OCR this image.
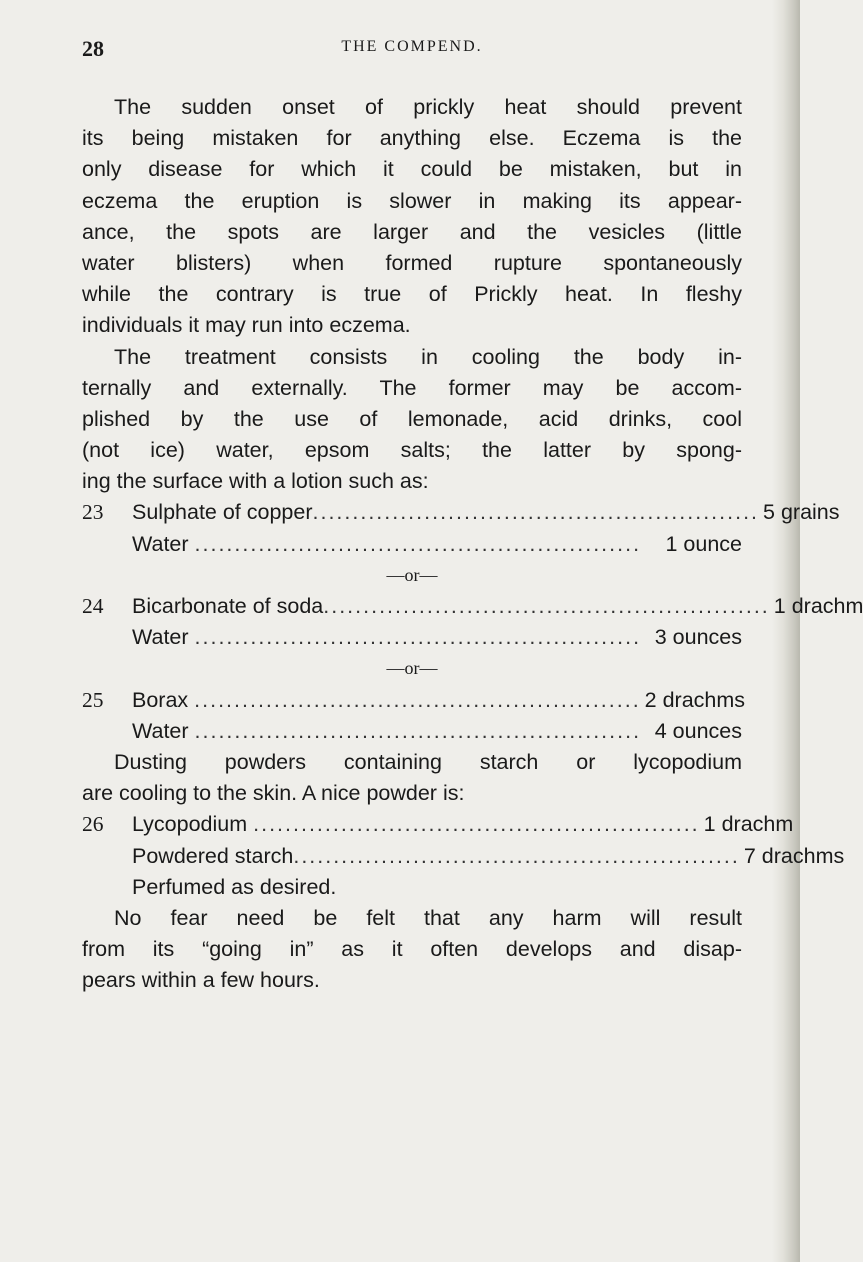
28	THE COMPEND.
The sudden onset of prickly heat should prevent
its being mistaken for anything else. Eczema is the
only disease for which it could be mistaken, but in
eczema the eruption is slower in making its appear-
ance, the spots are larger and the vesicles (little
water blisters) when formed rupture spontaneously
while the contrary is true of Prickly heat. In fleshy
individuals it may run into eczema.
The treatment consists in cooling the body in-
ternally and externally. The former may be accom-
plished by the use of lemonade, acid drinks, cool
(not ice) water, epsom salts; the latter by spong-
ing the surface with a lotion such as:
23	Sulphate of copper........................................................ 5 grains
Water ........................................................	1 ounce
—or—
24	Bicarbonate of soda........................................................ 1 drachm
Water ........................................................ 3 ounces
—or—
25	Borax ........................................................ 2 drachms
Water ........................................................ 4 ounces
Dusting powders containing starch or lycopodium
are cooling to the skin. A nice powder is:
26	Lycopodium ........................................................ 1 drachm
Powdered starch........................................................ 7 drachms
Perfumed as desired.
No fear need be felt that any harm will result
from its “going in” as it often develops and disap-
pears within a few hours.
